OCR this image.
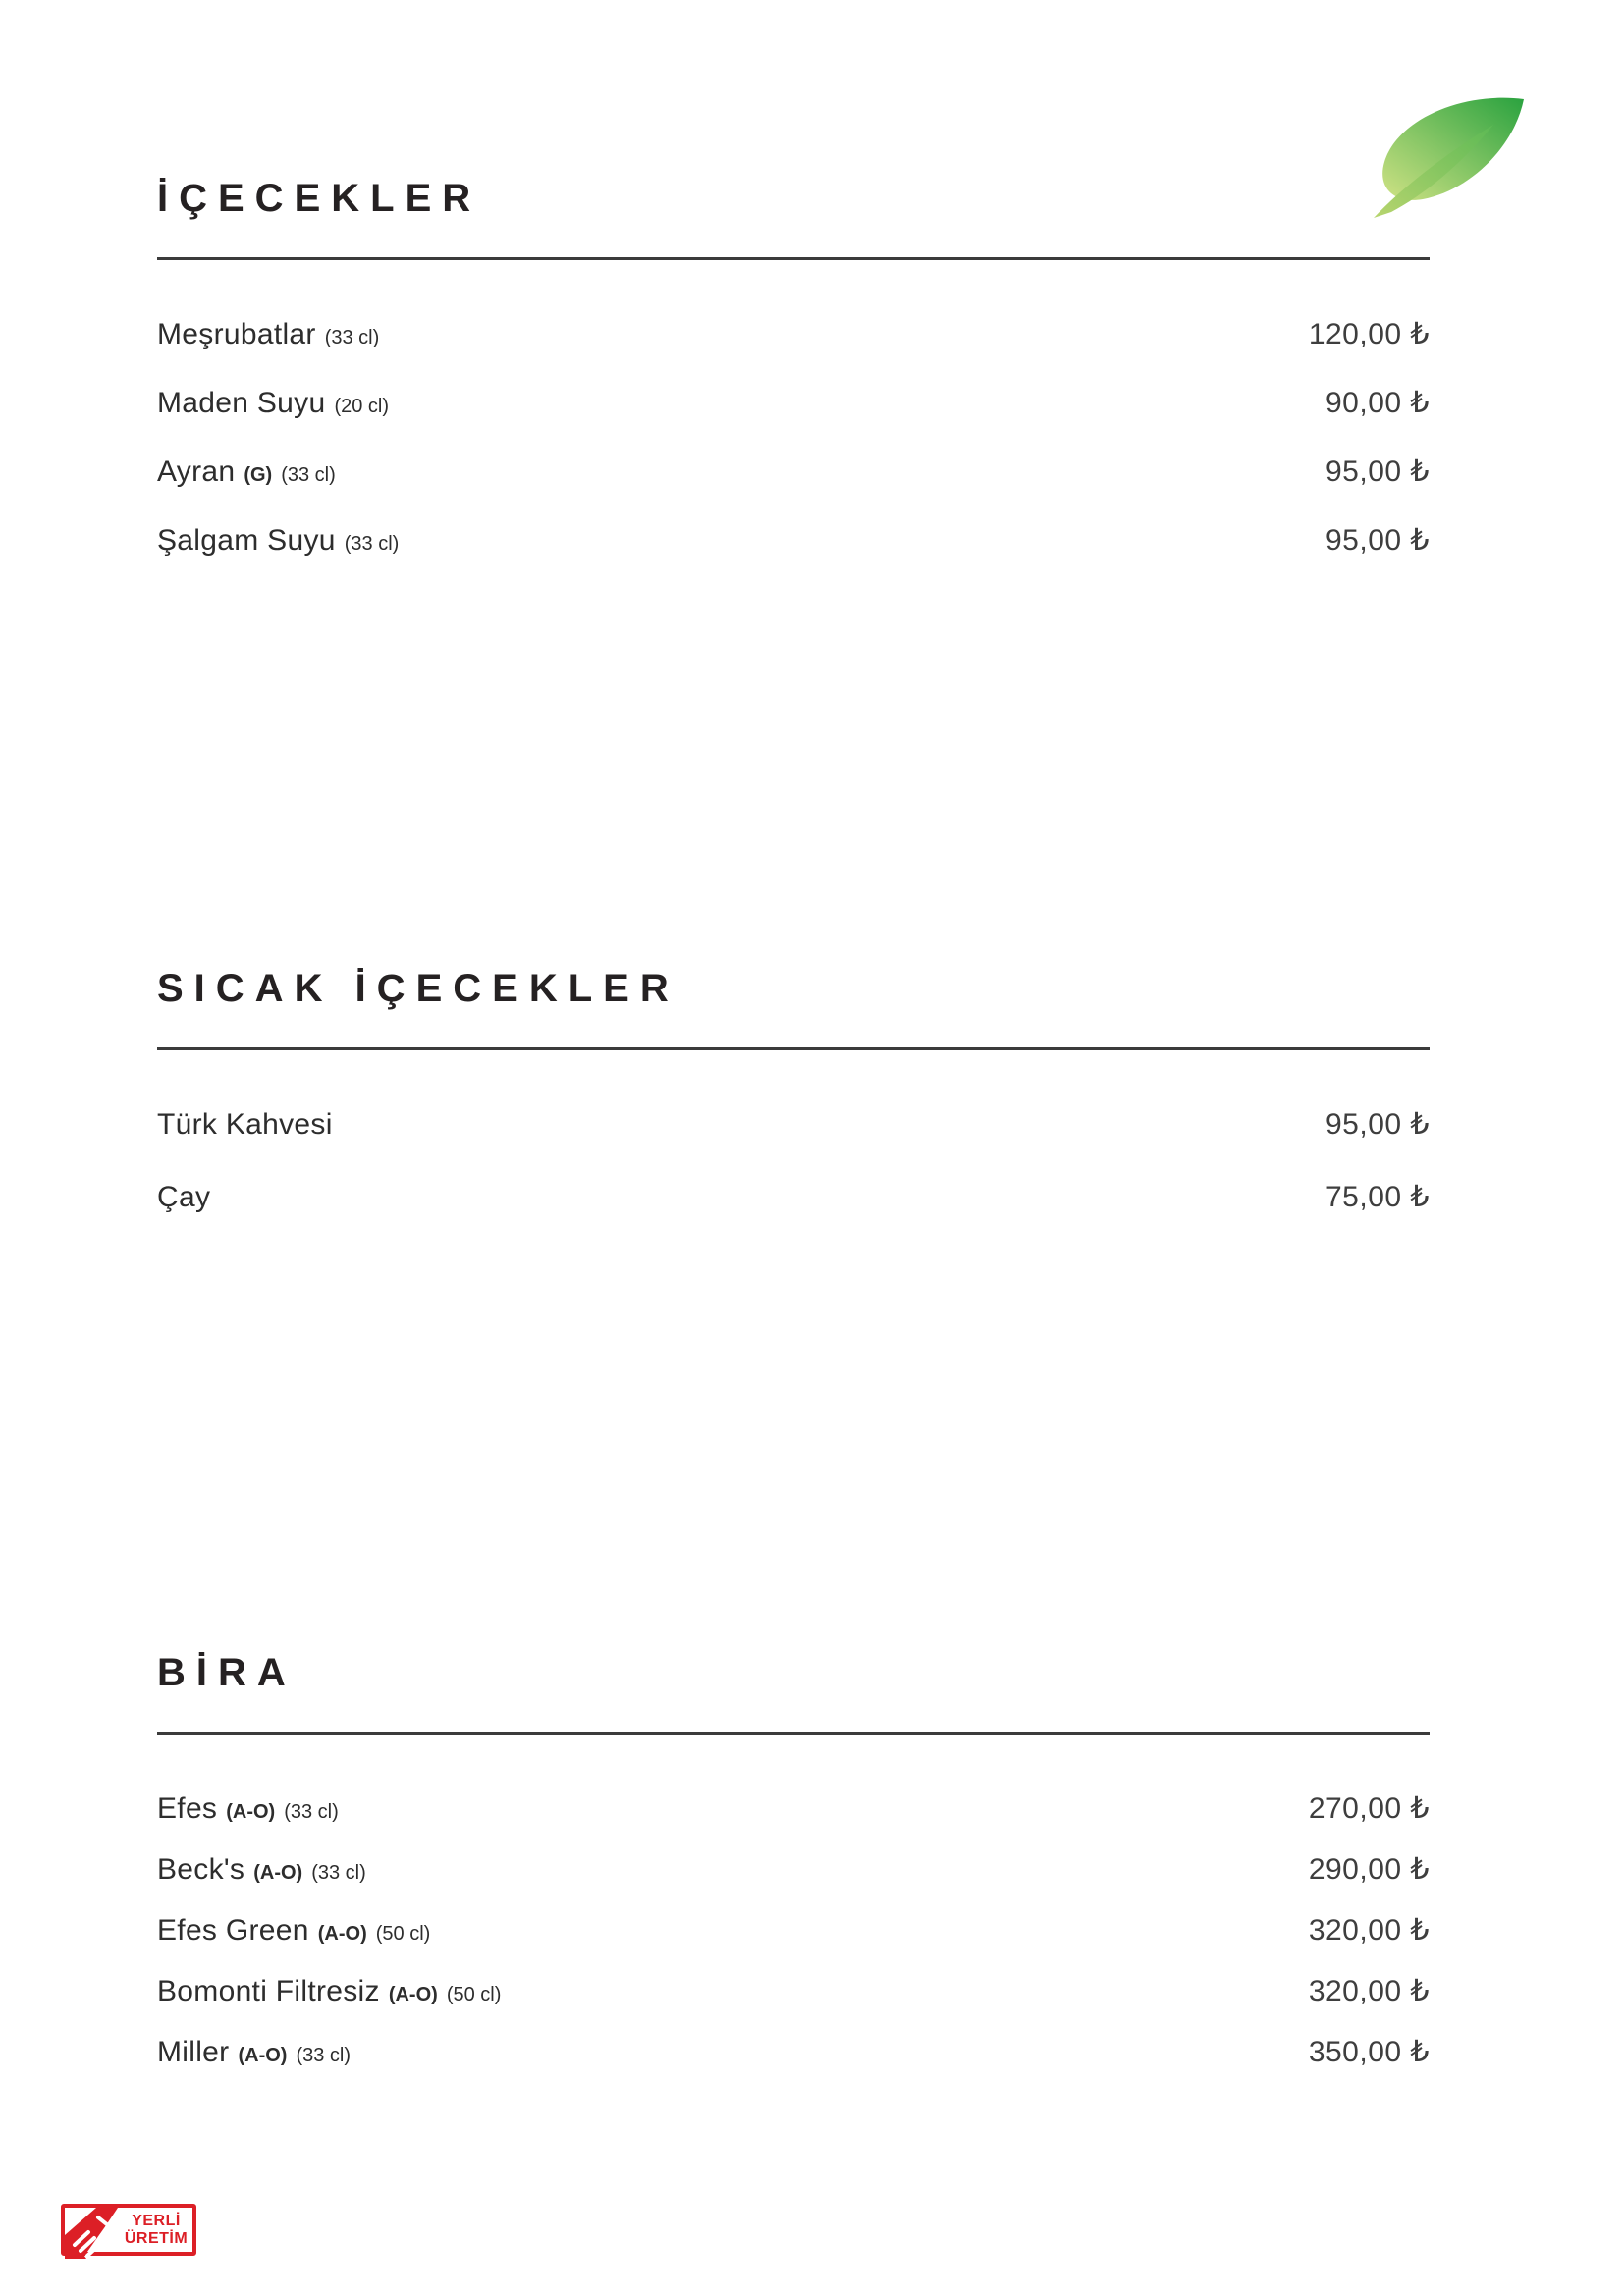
İÇECEKLER
Meşrubatlar (33 cl)	120,00 ₺
Maden Suyu (20 cl)	90,00 ₺
Ayran (G) (33 cl)	95,00 ₺
Şalgam Suyu (33 cl)	95,00 ₺
SICAK İÇECEKLER
Türk Kahvesi	95,00 ₺
Çay	75,00 ₺
BİRA
Efes (A-O) (33 cl)	270,00 ₺
Beck's (A-O) (33 cl)	290,00 ₺
Efes Green (A-O) (50 cl)	320,00 ₺
Bomonti Filtresiz (A-O) (50 cl)	320,00 ₺
Miller (A-O) (33 cl)	350,00 ₺
YERLİ
ÜRETİM
